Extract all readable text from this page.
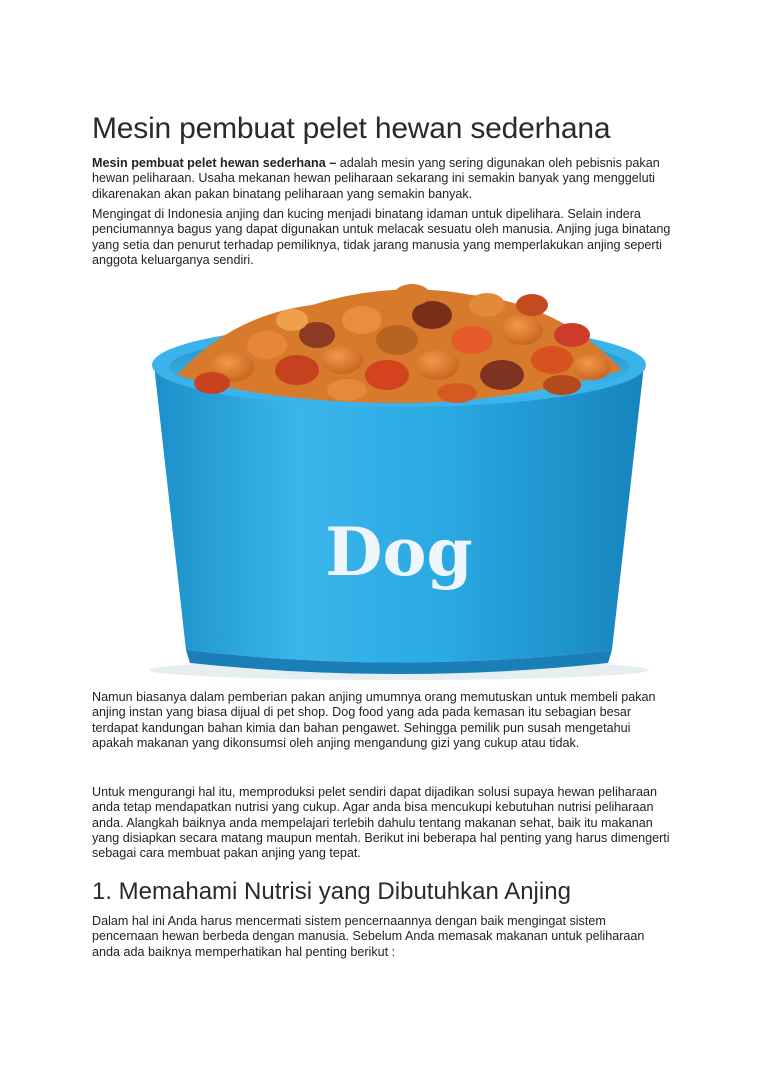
Mesin pembuat pelet hewan sederhana

Mesin pembuat pelet hewan sederhana – adalah mesin yang sering digunakan oleh pebisnis pakan hewan peliharaan. Usaha mekanan hewan peliharaan sekarang ini semakin banyak yang menggeluti dikarenakan akan pakan binatang peliharaan yang semakin banyak.

Mengingat di Indonesia anjing dan kucing menjadi binatang idaman untuk dipelihara. Selain indera penciumannya bagus yang dapat digunakan untuk melacak sesuatu oleh manusia. Anjing juga binatang yang setia dan penurut terhadap pemiliknya, tidak jarang manusia yang memperlakukan anjing seperti anggota keluarganya sendiri.

Dog

Namun biasanya dalam pemberian pakan anjing umumnya orang memutuskan untuk membeli pakan anjing instan yang biasa dijual di pet shop. Dog food yang ada pada kemasan itu sebagian besar terdapat kandungan bahan kimia dan bahan pengawet. Sehingga pemilik pun susah mengetahui apakah makanan yang dikonsumsi oleh anjing mengandung gizi yang cukup atau tidak.

Untuk mengurangi hal itu, memproduksi pelet sendiri dapat dijadikan solusi supaya hewan peliharaan anda tetap mendapatkan nutrisi yang cukup. Agar anda bisa mencukupi kebutuhan nutrisi peliharaan anda. Alangkah baiknya anda mempelajari terlebih dahulu tentang makanan sehat, baik itu makanan yang disiapkan secara matang maupun mentah. Berikut ini beberapa hal penting yang harus dimengerti sebagai cara membuat pakan anjing yang tepat.

1. Memahami Nutrisi yang Dibutuhkan Anjing

Dalam hal ini Anda harus mencermati sistem pencernaannya dengan baik mengingat sistem pencernaan hewan berbeda dengan manusia. Sebelum Anda memasak makanan untuk peliharaan anda ada baiknya memperhatikan hal penting berikut :
